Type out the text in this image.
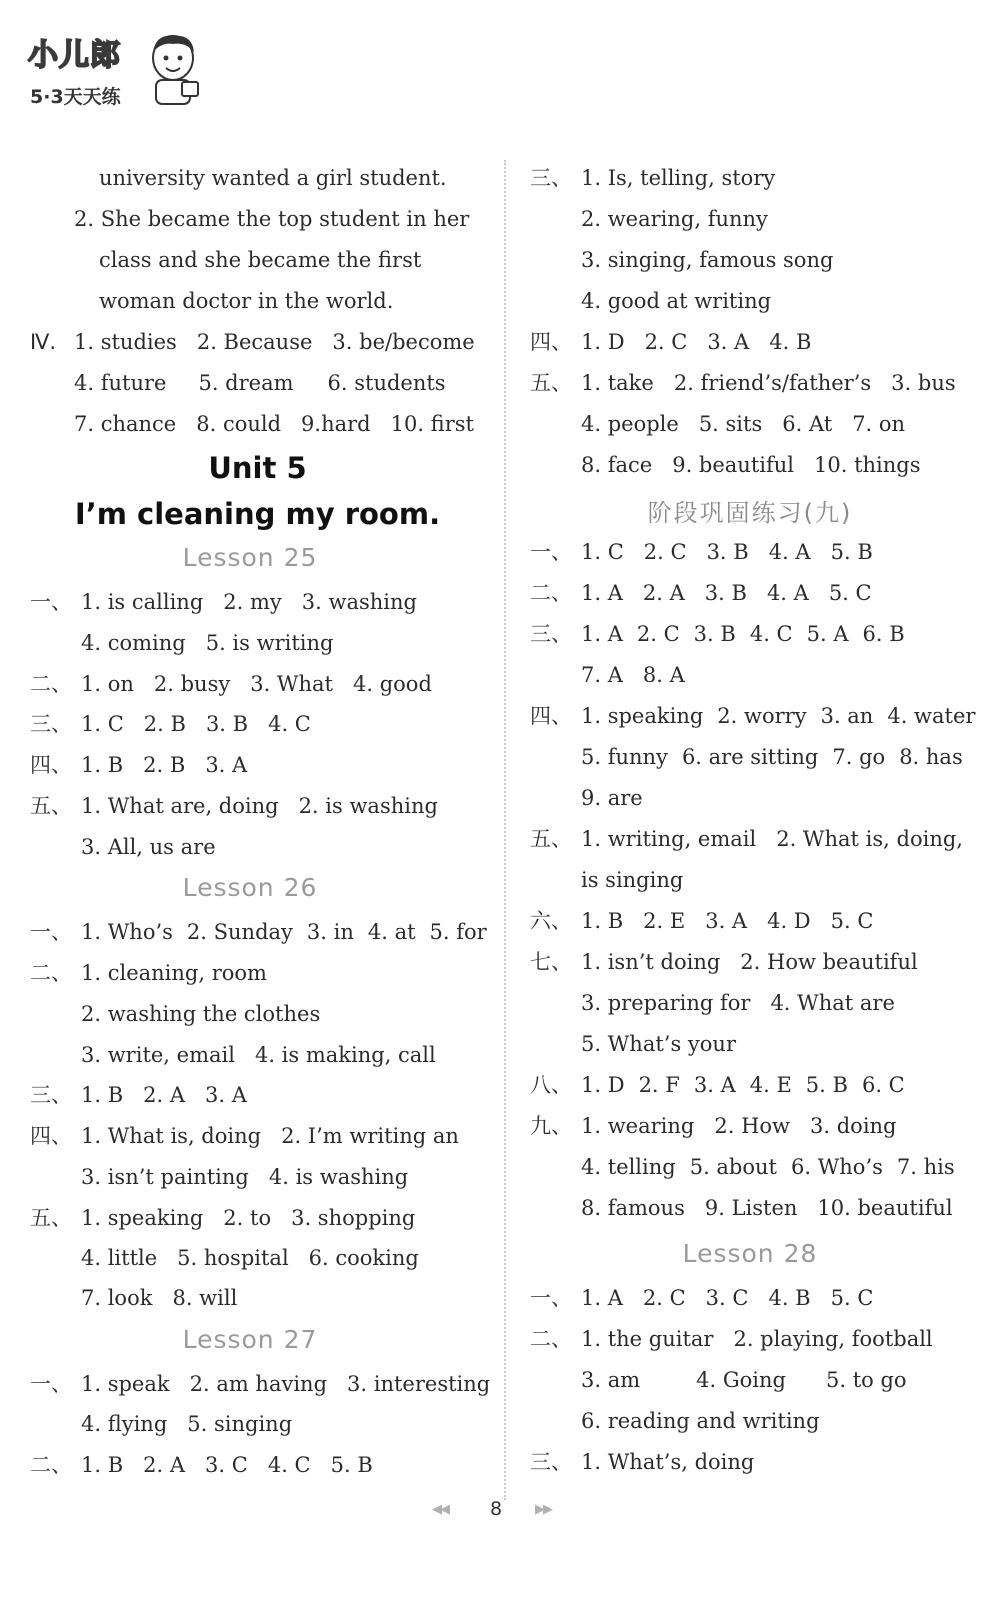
小儿郎
5·3天天练
university wanted a girl student.
2. She became the top student in her
class and she became the first
woman doctor in the world.
Ⅳ. 1. studies 2. Because 3. be/become
4. future 5. dream 6. students
7. chance 8. could 9.hard 10. first
Unit 5
I’m cleaning my room.
Lesson 25
一、 1. is calling 2. my 3. washing
4. coming 5. is writing
二、 1. on 2. busy 3. What 4. good
三、 1. C 2. B 3. B 4. C
四、 1. B 2. B 3. A
五、 1. What are, doing 2. is washing
3. All, us are
Lesson 26
一、 1. Who’s 2. Sunday 3. in 4. at 5. for
二、 1. cleaning, room
2. washing the clothes
3. write, email 4. is making, call
三、 1. B 2. A 3. A
四、 1. What is, doing 2. I’m writing an
3. isn’t painting 4. is washing
五、 1. speaking 2. to 3. shopping
4. little 5. hospital 6. cooking
7. look 8. will
Lesson 27
一、 1. speak 2. am having 3. interesting
4. flying 5. singing
二、 1. B 2. A 3. C 4. C 5. B
三、 1. Is, telling, story
2. wearing, funny
3. singing, famous song
4. good at writing
四、 1. D 2. C 3. A 4. B
五、 1. take 2. friend’s/father’s 3. bus
4. people 5. sits 6. At 7. on
8. face 9. beautiful 10. things
阶段巩固练习(九)
一、 1. C 2. C 3. B 4. A 5. B
二、 1. A 2. A 3. B 4. A 5. C
三、 1. A 2. C 3. B 4. C 5. A 6. B
7. A 8. A
四、 1. speaking 2. worry 3. an 4. water
5. funny 6. are sitting 7. go 8. has
9. are
五、 1. writing, email 2. What is, doing,
is singing
六、 1. B 2. E 3. A 4. D 5. C
七、 1. isn’t doing 2. How beautiful
3. preparing for 4. What are
5. What’s your
八、 1. D 2. F 3. A 4. E 5. B 6. C
九、 1. wearing 2. How 3. doing
4. telling 5. about 6. Who’s 7. his
8. famous 9. Listen 10. beautiful
Lesson 28
一、 1. A 2. C 3. C 4. B 5. C
二、 1. the guitar 2. playing, football
3. am	4. Going 5. to go
6. reading and writing
三、 1. What’s, doing
◀◀ 8	▶▶
